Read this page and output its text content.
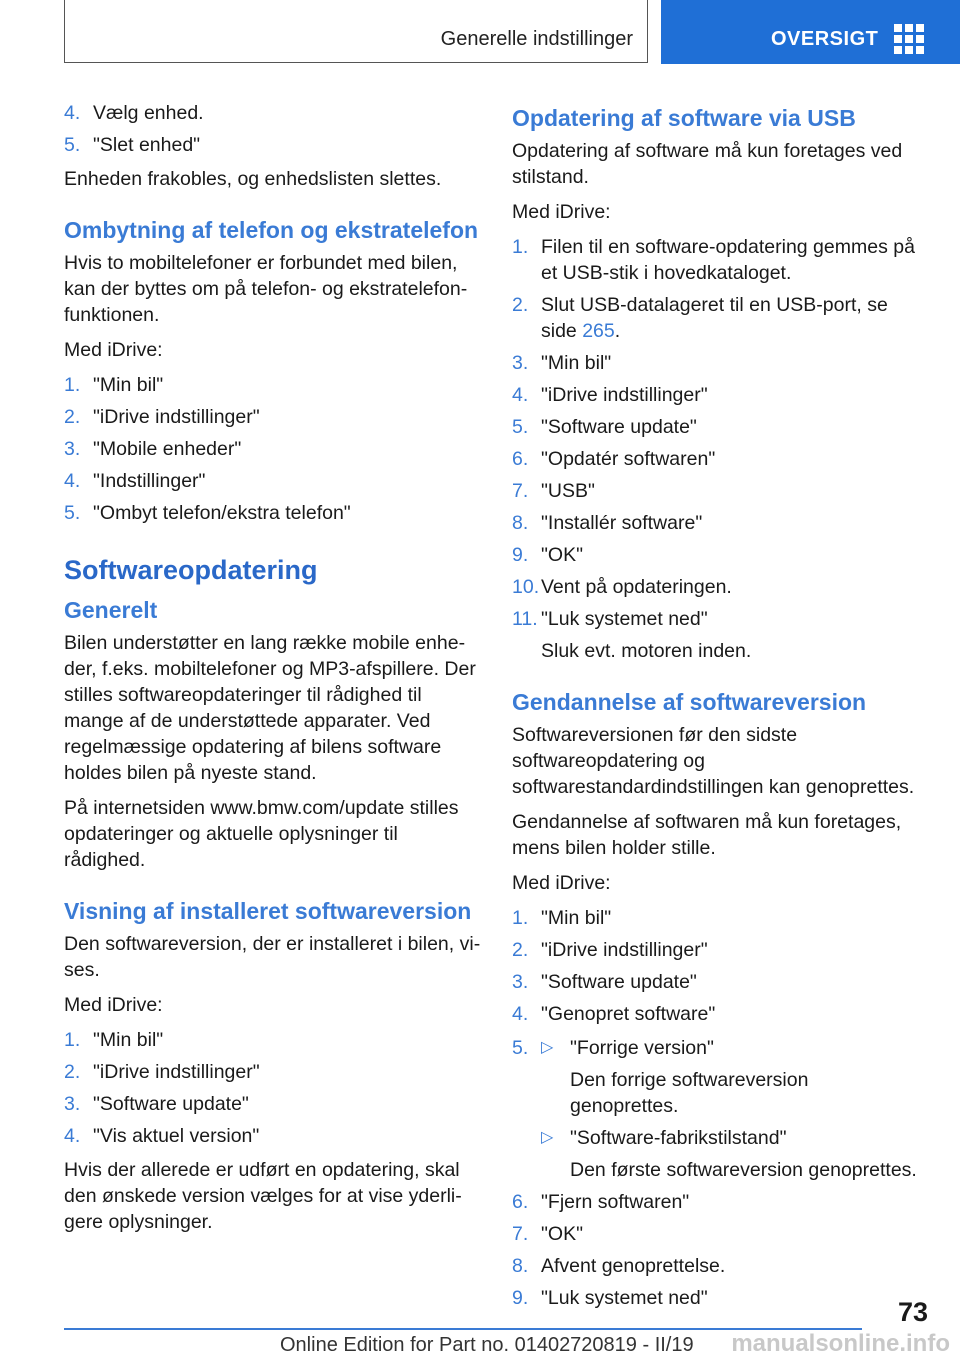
Generelle indstillinger	OVERSIGT
4. Vælg enhed.
5. "Slet enhed"

Enheden frakobles, og enhedslisten slettes.

Ombytning af telefon og ekstratelefon

Hvis to mobiltelefoner er forbundet med bilen, kan der byttes om på telefon- og ekstratelefonfunktionen.

Med iDrive:

1. "Min bil"
2. "iDrive indstillinger"
3. "Mobile enheder"
4. "Indstillinger"
5. "Ombyt telefon/ekstra telefon"
Softwareopdatering
Generelt

Bilen understøtter en lang række mobile enheder, f.eks. mobiltelefoner og MP3-afspillere. Der stilles softwareopdateringer til rådighed til mange af de understøttede apparater. Ved regelmæssige opdatering af bilens software holdes bilen på nyeste stand.

På internetsiden www.bmw.com/update stilles opdateringer og aktuelle oplysninger til rådighed.

Visning af installeret softwareversion

Den softwareversion, der er installeret i bilen, vises.

Med iDrive:

1. "Min bil"
2. "iDrive indstillinger"
3. "Software update"
4. "Vis aktuel version"

Hvis der allerede er udført en opdatering, skal den ønskede version vælges for at vise yderligere oplysninger.

Opdatering af software via USB

Opdatering af software må kun foretages ved stilstand.

Med iDrive:

1. Filen til en software-opdatering gemmes på et USB-stik i hovedkataloget.
2. Slut USB-datalageret til en USB-port, se side 265.
3. "Min bil"
4. "iDrive indstillinger"
5. "Software update"
6. "Opdatér softwaren"
7. "USB"
8. "Installér software"
9. "OK"
10. Vent på opdateringen.
11. "Luk systemet ned"
Sluk evt. motoren inden.
Gendannelse af softwareversion

Softwareversionen før den sidste softwareopdatering og softwarestandardindstillingen kan genoprettes.

Gendannelse af softwaren må kun foretages, mens bilen holder stille.

Med iDrive:

1. "Min bil"
2. "iDrive indstillinger"
3. "Software update"
4. "Genopret software"
5. ▷ "Forrige version"
Den forrige softwareversion genoprettes.
▷ "Software-fabrikstilstand"
Den første softwareversion genoprettes.
6. "Fjern softwaren"
7. "OK"
8. Afvent genoprettelse.
9. "Luk systemet ned"	73
Online Edition for Part no. 01402720819 - II/19 manualsonline.info
